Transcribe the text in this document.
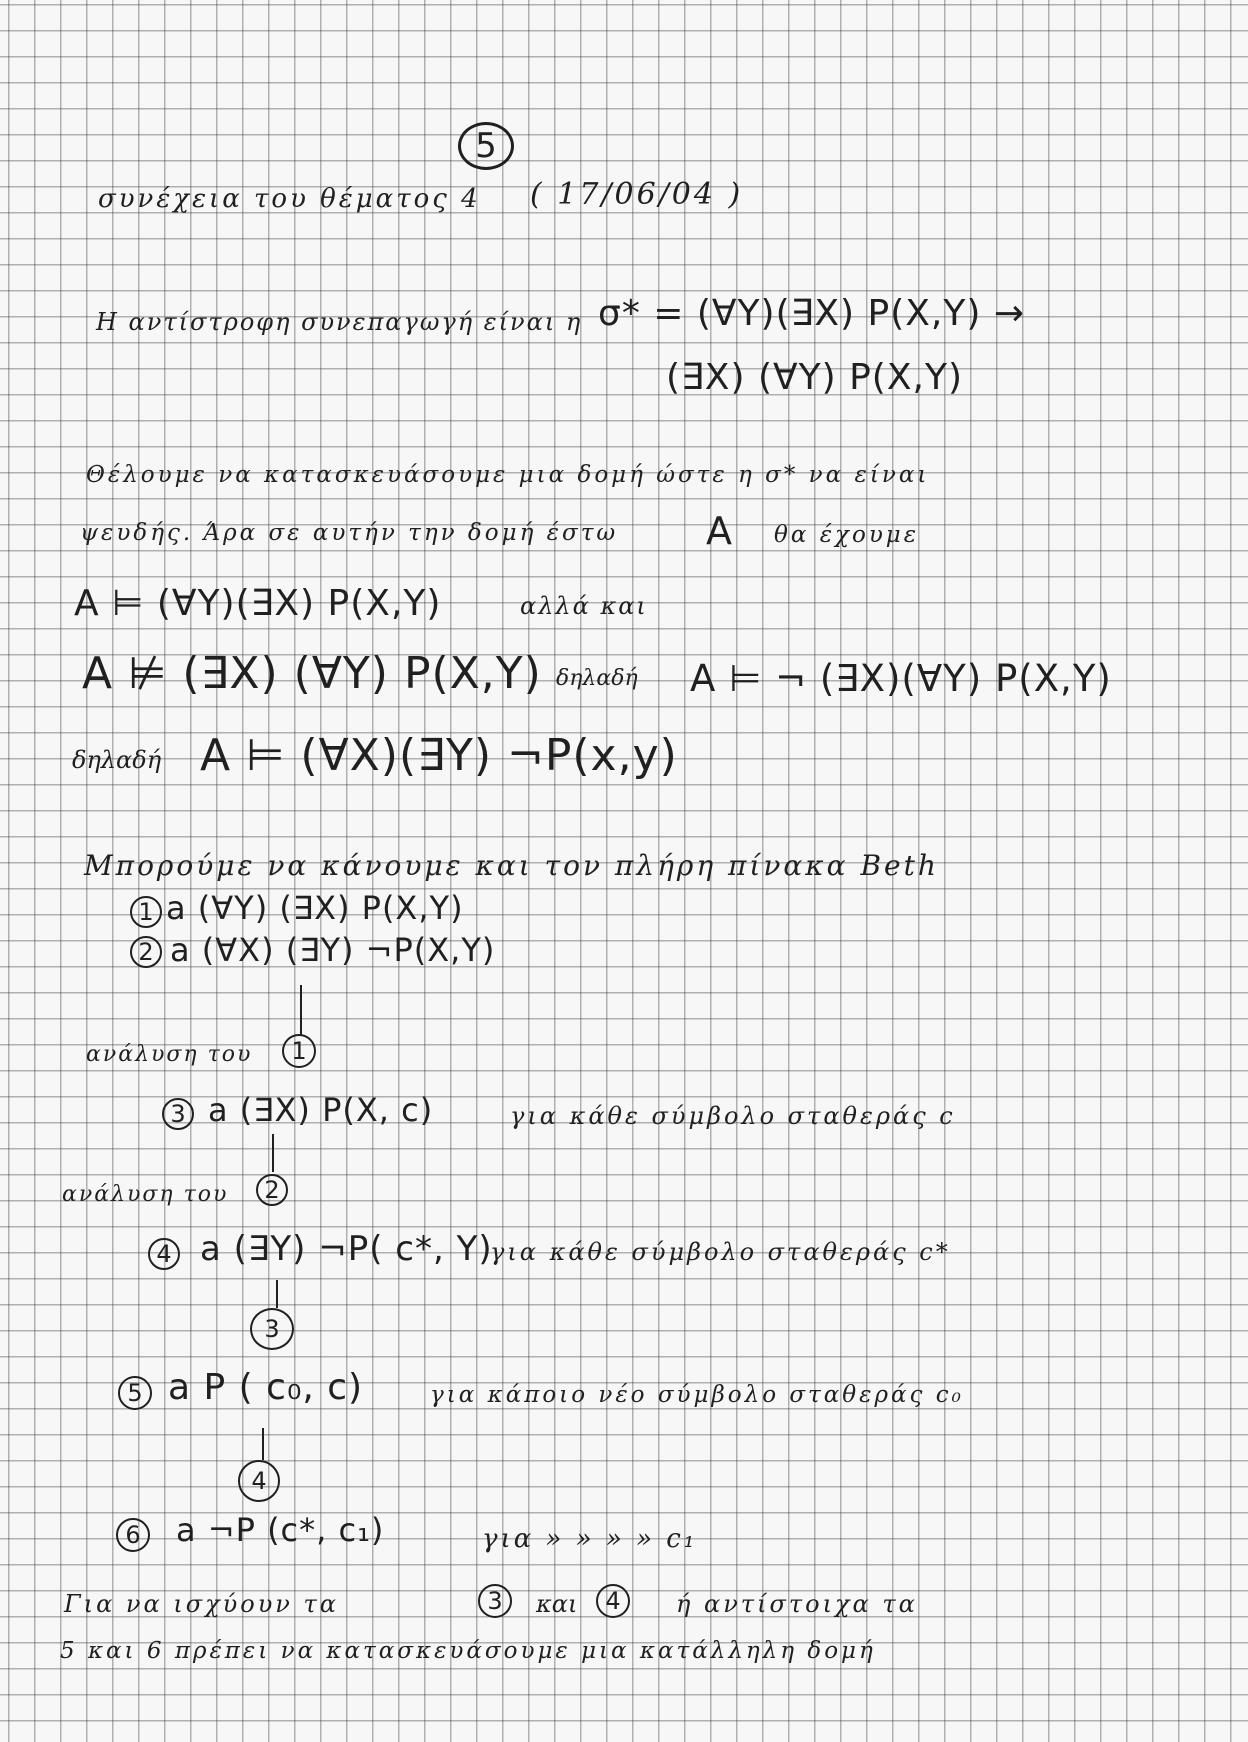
5
συνέχεια του θέματος 4 ( 17/06/04 )
Η αντίστροφη συνεπαγωγή είναι η σ* = (∀Y)(∃X) P(X,Y) →
(∃X) (∀Y) P(X,Y)
Θέλουμε να κατασκευάσουμε μια δομή ώστε η σ* να είναι
ψευδής. Άρα σε αυτήν την δομή έστω A θα έχουμε
A ⊨ (∀Y)(∃X) P(X,Y)	αλλά και
A ⊭ (∃X) (∀Y) P(X,Y) δηλαδή A ⊨ ¬ (∃X)(∀Y) P(X,Y)
δηλαδή A ⊨ (∀X)(∃Y) ¬P(x,y)
Μπορούμε να κάνουμε και τον πλήρη πίνακα Beth
1 a (∀Y) (∃X) P(X,Y)
2 a (∀X) (∃Y) ¬P(X,Y)
ανάλυση του 1
3 a (∃X) P(X, c)	για κάθε σύμβολο σταθεράς c
ανάλυση του 2
4 a (∃Y) ¬P( c*, Y)
για κάθε σύμβολο σταθεράς c*
3
5 a P ( c₀, c)	για κάποιο νέο σύμβολο σταθεράς c₀
4
6 a ¬P (c*, c₁)	για » » » » c₁
Για να ισχύουν τα	3 και 4 ή αντίστοιχα τα
5 και 6 πρέπει να κατασκευάσουμε μια κατάλληλη δομή
